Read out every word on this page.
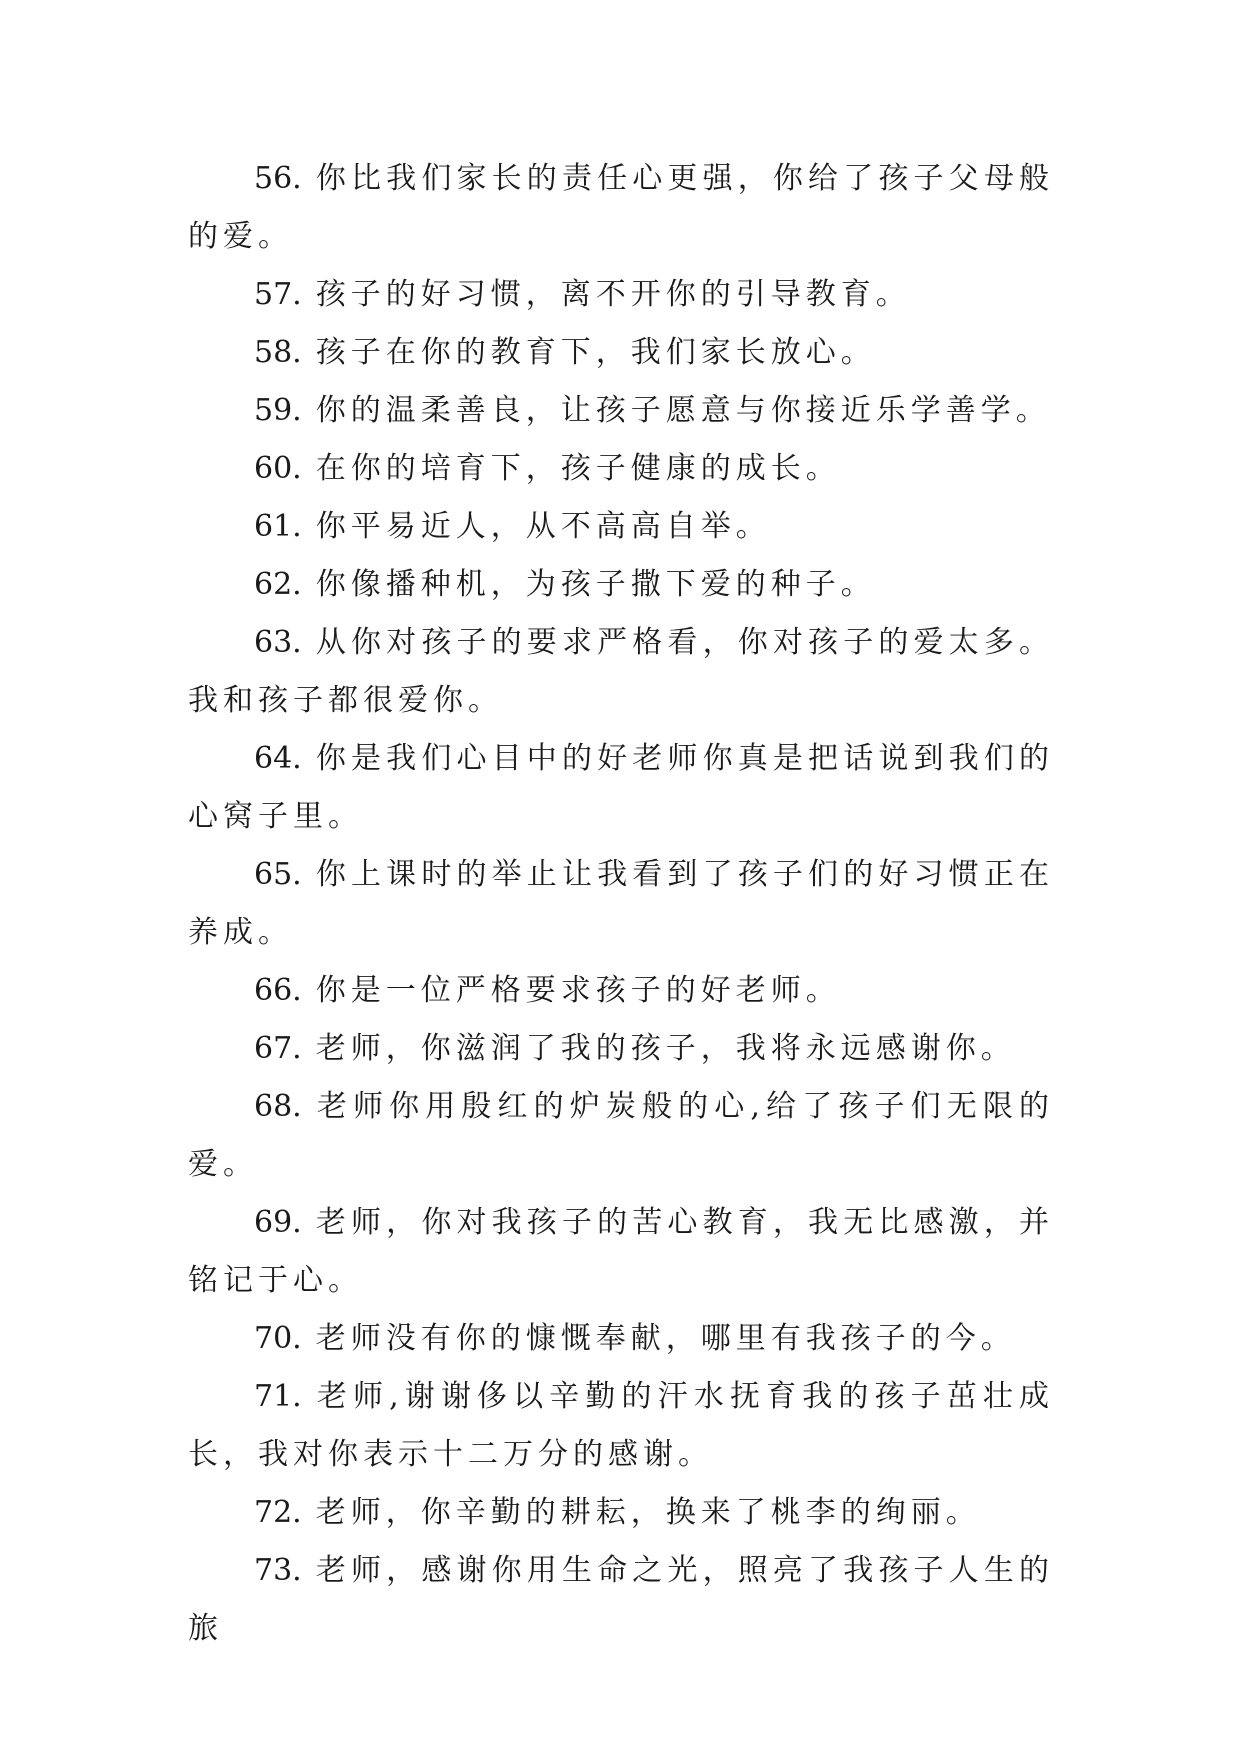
56. 你比我们家长的责任心更强，你给了孩子父母般的爱。

57. 孩子的好习惯，离不开你的引导教育。

58. 孩子在你的教育下，我们家长放心。

59. 你的温柔善良，让孩子愿意与你接近乐学善学。

60. 在你的培育下，孩子健康的成长。

61. 你平易近人，从不高高自举。

62. 你像播种机，为孩子撒下爱的种子。

63. 从你对孩子的要求严格看，你对孩子的爱太多。我和孩子都很爱你。

64. 你是我们心目中的好老师你真是把话说到我们的心窝子里。

65. 你上课时的举止让我看到了孩子们的好习惯正在养成。

66. 你是一位严格要求孩子的好老师。

67. 老师，你滋润了我的孩子，我将永远感谢你。

68. 老师你用殷红的炉炭般的心,给了孩子们无限的爱。

69. 老师，你对我孩子的苦心教育，我无比感激，并铭记于心。

70. 老师没有你的慷慨奉献，哪里有我孩子的今。

71. 老师,谢谢侈以辛勤的汗水抚育我的孩子茁壮成长，我对你表示十二万分的感谢。

72. 老师，你辛勤的耕耘，换来了桃李的绚丽。

73. 老师，感谢你用生命之光，照亮了我孩子人生的旅
